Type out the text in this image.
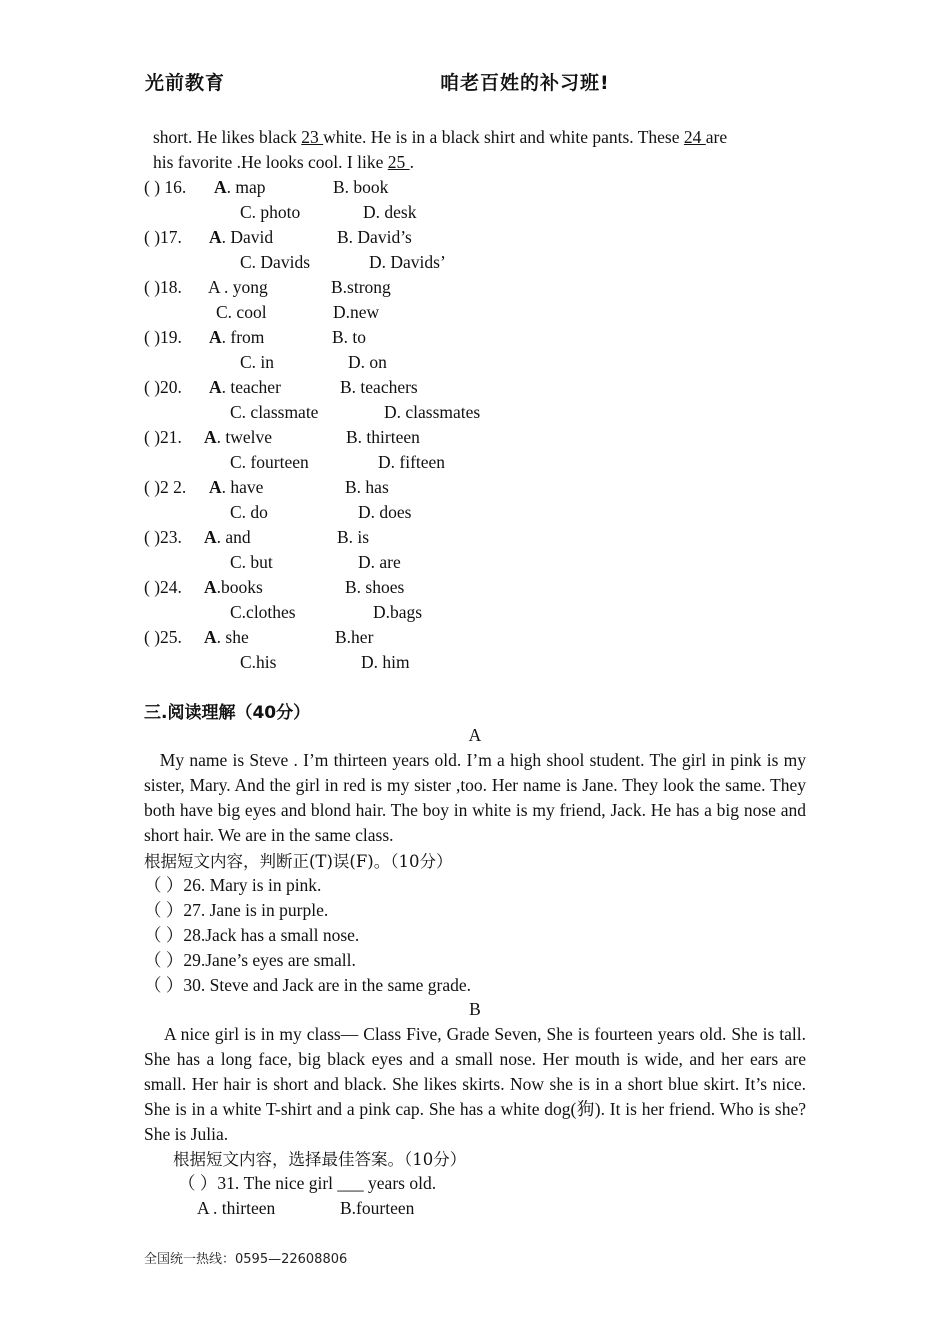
光前教育	咱老百姓的补习班!
short. He likes black 23 white. He is in a black shirt and white pants. These 24 are
his favorite .He looks cool. I like 25 .
( ) 16. A. map	B. book
C. photo	D. desk
( )17. A. David	B. David’s
C. Davids	D. Davids’
( )18. A . yong	B.strong
C. cool	D.new
( )19. A. from	B. to
C. in	D. on
( )20. A. teacher	B. teachers
C. classmate	D. classmates
( )21. A. twelve	B. thirteen
C. fourteen	D. fifteen
( )2 2. A. have	B. has
C. do	D. does
( )23. A. and	B. is
C. but	D. are
( )24. A.books	B. shoes
C.clothes	D.bags
( )25. A. she	B.her
C.his	D. him
三.阅读理解（40分）
A
My name is Steve . I’m thirteen years old. I’m a high shool student. The girl in pink is my sister, Mary. And the girl in red is my sister ,too. Her name is Jane. They look the same. They both have big eyes and blond hair. The boy in white is my friend, Jack. He has a big nose and short hair. We are in the same class.
根据短文内容，判断正(T)误(F)。（10分）
（ ）26. Mary is in pink.
（ ）27. Jane is in purple.
（ ）28.Jack has a small nose.
（ ）29.Jane’s eyes are small.
（ ）30. Steve and Jack are in the same grade.
B
A nice girl is in my class— Class Five, Grade Seven, She is fourteen years old. She is tall. She has a long face, big black eyes and a small nose. Her mouth is wide, and her ears are small. Her hair is short and black. She likes skirts. Now she is in a short blue skirt. It’s nice. She is in a white T-shirt and a pink cap. She has a white dog(狗). It is her friend. Who is she? She is Julia.
根据短文内容，选择最佳答案。（10分）
（ ）31. The nice girl ___ years old.
A . thirteen	B.fourteen
全国统一热线：0595—22608806
